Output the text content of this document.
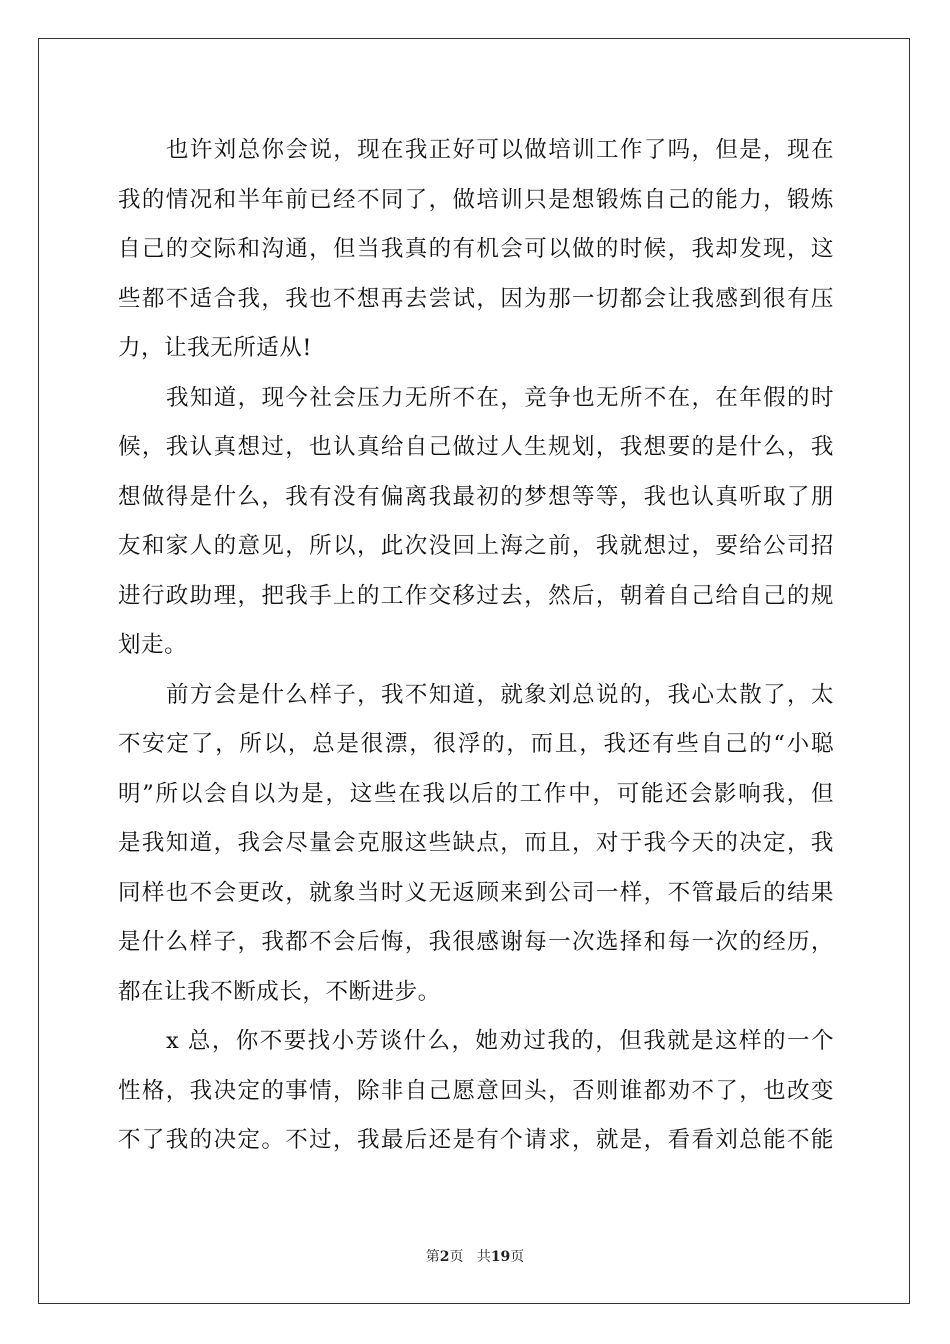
也许刘总你会说，现在我正好可以做培训工作了吗，但是，现在
我的情况和半年前已经不同了，做培训只是想锻炼自己的能力，锻炼
自己的交际和沟通，但当我真的有机会可以做的时候，我却发现，这
些都不适合我，我也不想再去尝试，因为那一切都会让我感到很有压
力，让我无所适从!
我知道，现今社会压力无所不在，竞争也无所不在，在年假的时
候，我认真想过，也认真给自己做过人生规划，我想要的是什么，我
想做得是什么，我有没有偏离我最初的梦想等等，我也认真听取了朋
友和家人的意见，所以，此次没回上海之前，我就想过，要给公司招
进行政助理，把我手上的工作交移过去，然后，朝着自己给自己的规
划走。
前方会是什么样子，我不知道，就象刘总说的，我心太散了，太
不安定了，所以，总是很漂，很浮的，而且，我还有些自己的“小聪
明”所以会自以为是，这些在我以后的工作中，可能还会影响我，但
是我知道，我会尽量会克服这些缺点，而且，对于我今天的决定，我
同样也不会更改，就象当时义无返顾来到公司一样，不管最后的结果
是什么样子，我都不会后悔，我很感谢每一次选择和每一次的经历，
都在让我不断成长，不断进步。
x 总，你不要找小芳谈什么，她劝过我的，但我就是这样的一个
性格，我决定的事情，除非自己愿意回头，否则谁都劝不了，也改变
不了我的决定。不过，我最后还是有个请求，就是，看看刘总能不能
第2页 共19页
